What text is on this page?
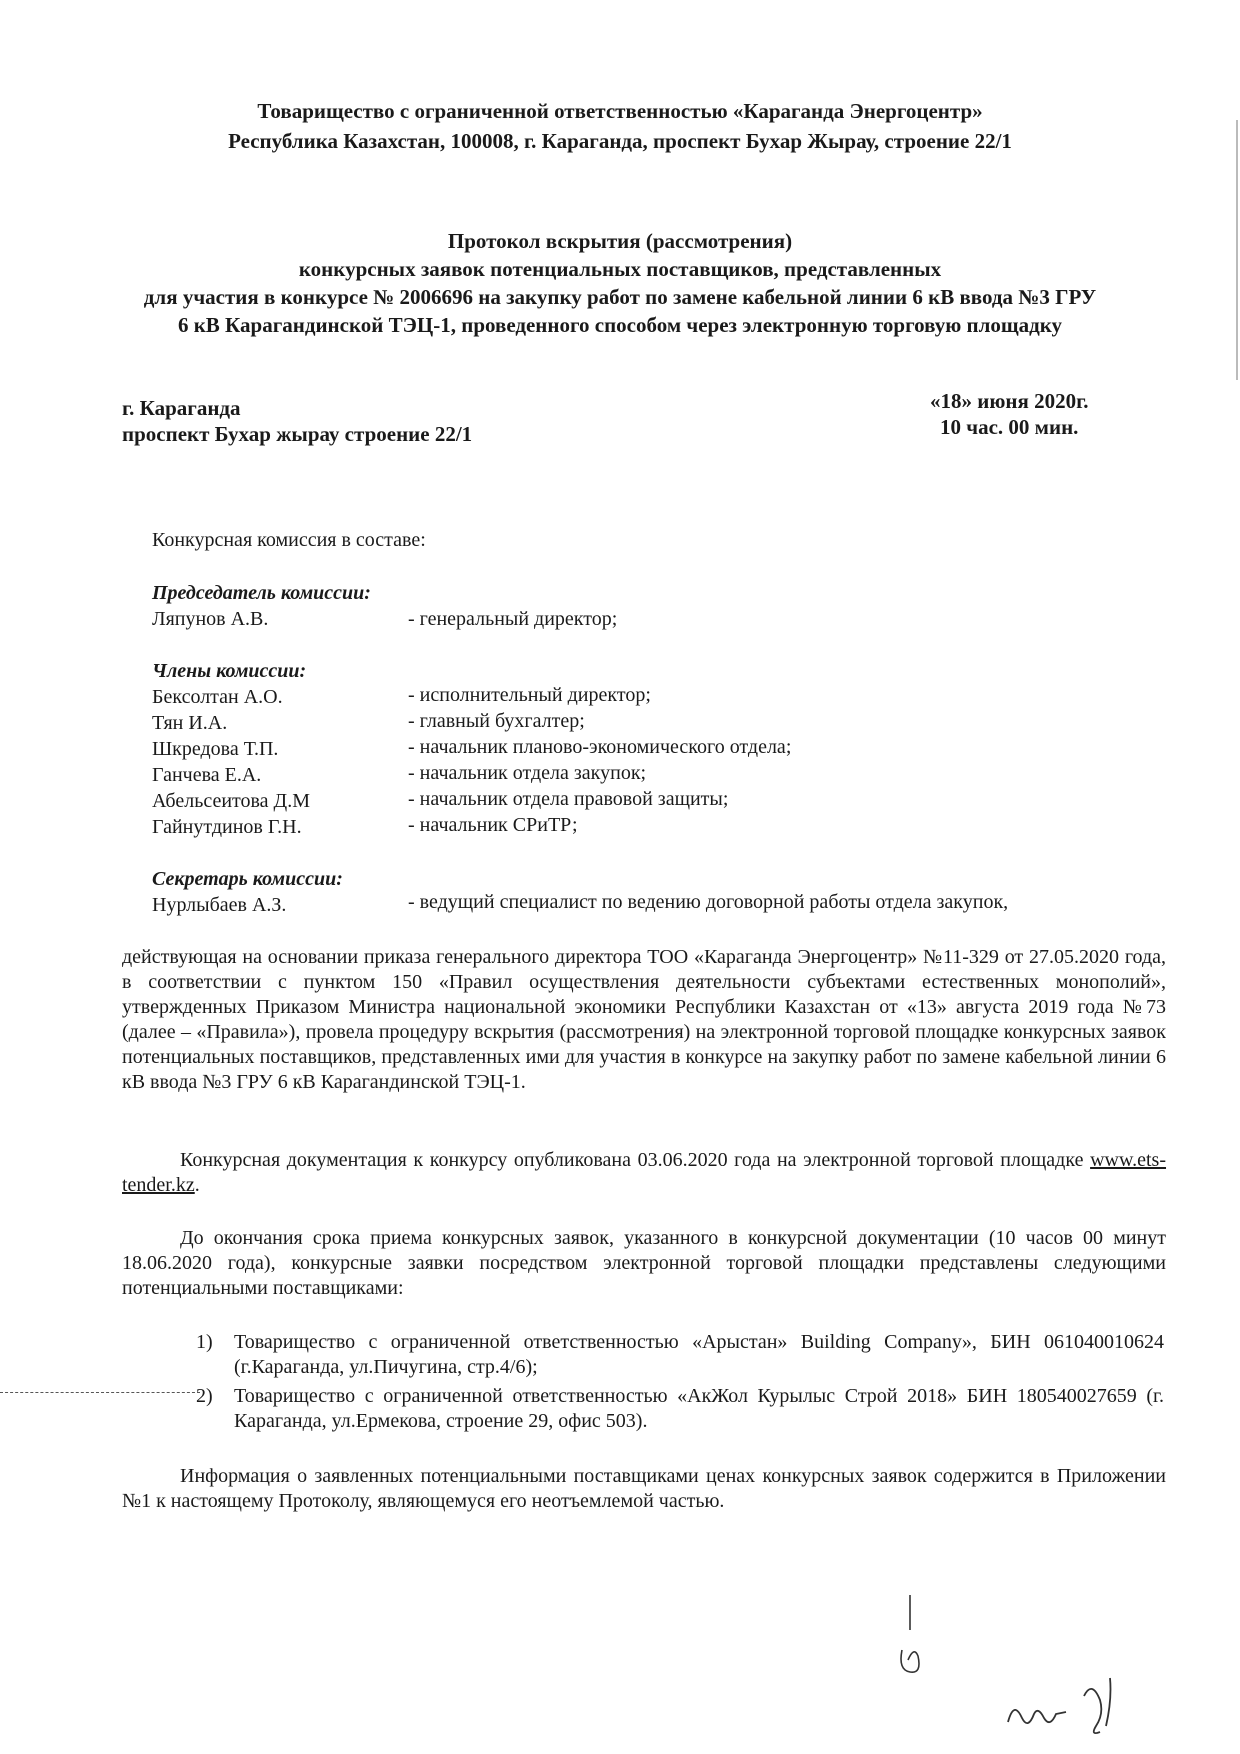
Товарищество с ограниченной ответственностью «Караганда Энергоцентр»
Республика Казахстан, 100008, г. Караганда, проспект Бухар Жырау, строение 22/1
Протокол вскрытия (рассмотрения)
конкурсных заявок потенциальных поставщиков, представленных
для участия в конкурсе № 2006696 на закупку работ по замене кабельной линии 6 кВ ввода №3 ГРУ
6 кВ Карагандинской ТЭЦ-1, проведенного способом через электронную торговую площадку
г. Караганда
проспект Бухар жырау строение 22/1
«18» июня 2020г.
10 час. 00 мин.
Конкурсная комиссия в составе:
Председатель комиссии:
Ляпунов А.В.	- генеральный директор;
Члены комиссии:
Бексолтан А.О.	- исполнительный директор;
Тян И.А.	- главный бухгалтер;
Шкредова Т.П.	- начальник планово-экономического отдела;
Ганчева Е.А.	- начальник отдела закупок;
Абельсеитова Д.М	- начальник отдела правовой защиты;
Гайнутдинов Г.Н.	- начальник СРиТР;
Секретарь комиссии:
Нурлыбаев А.З.	- ведущий специалист по ведению договорной работы отдела закупок,
действующая на основании приказа генерального директора ТОО «Караганда Энергоцентр» №11-329 от 27.05.2020 года, в соответствии с пунктом 150 «Правил осуществления деятельности субъектами естественных монополий», утвержденных Приказом Министра национальной экономики Республики Казахстан от «13» августа 2019 года №73 (далее – «Правила»), провела процедуру вскрытия (рассмотрения) на электронной торговой площадке конкурсных заявок потенциальных поставщиков, представленных ими для участия в конкурсе на закупку работ по замене кабельной линии 6 кВ ввода №3 ГРУ 6 кВ Карагандинской ТЭЦ-1.
Конкурсная документация к конкурсу опубликована 03.06.2020 года на электронной торговой площадке www.ets-tender.kz.
До окончания срока приема конкурсных заявок, указанного в конкурсной документации (10 часов 00 минут 18.06.2020 года), конкурсные заявки посредством электронной торговой площадки представлены следующими потенциальными поставщиками:
1) Товарищество с ограниченной ответственностью «Арыстан» Building Company», БИН 061040010624 (г.Караганда, ул.Пичугина, стр.4/6);
2) Товарищество с ограниченной ответственностью «АкЖол Курылыс Строй 2018» БИН 180540027659 (г. Караганда, ул.Ермекова, строение 29, офис 503).
Информация о заявленных потенциальными поставщиками ценах конкурсных заявок содержится в Приложении №1 к настоящему Протоколу, являющемуся его неотъемлемой частью.
